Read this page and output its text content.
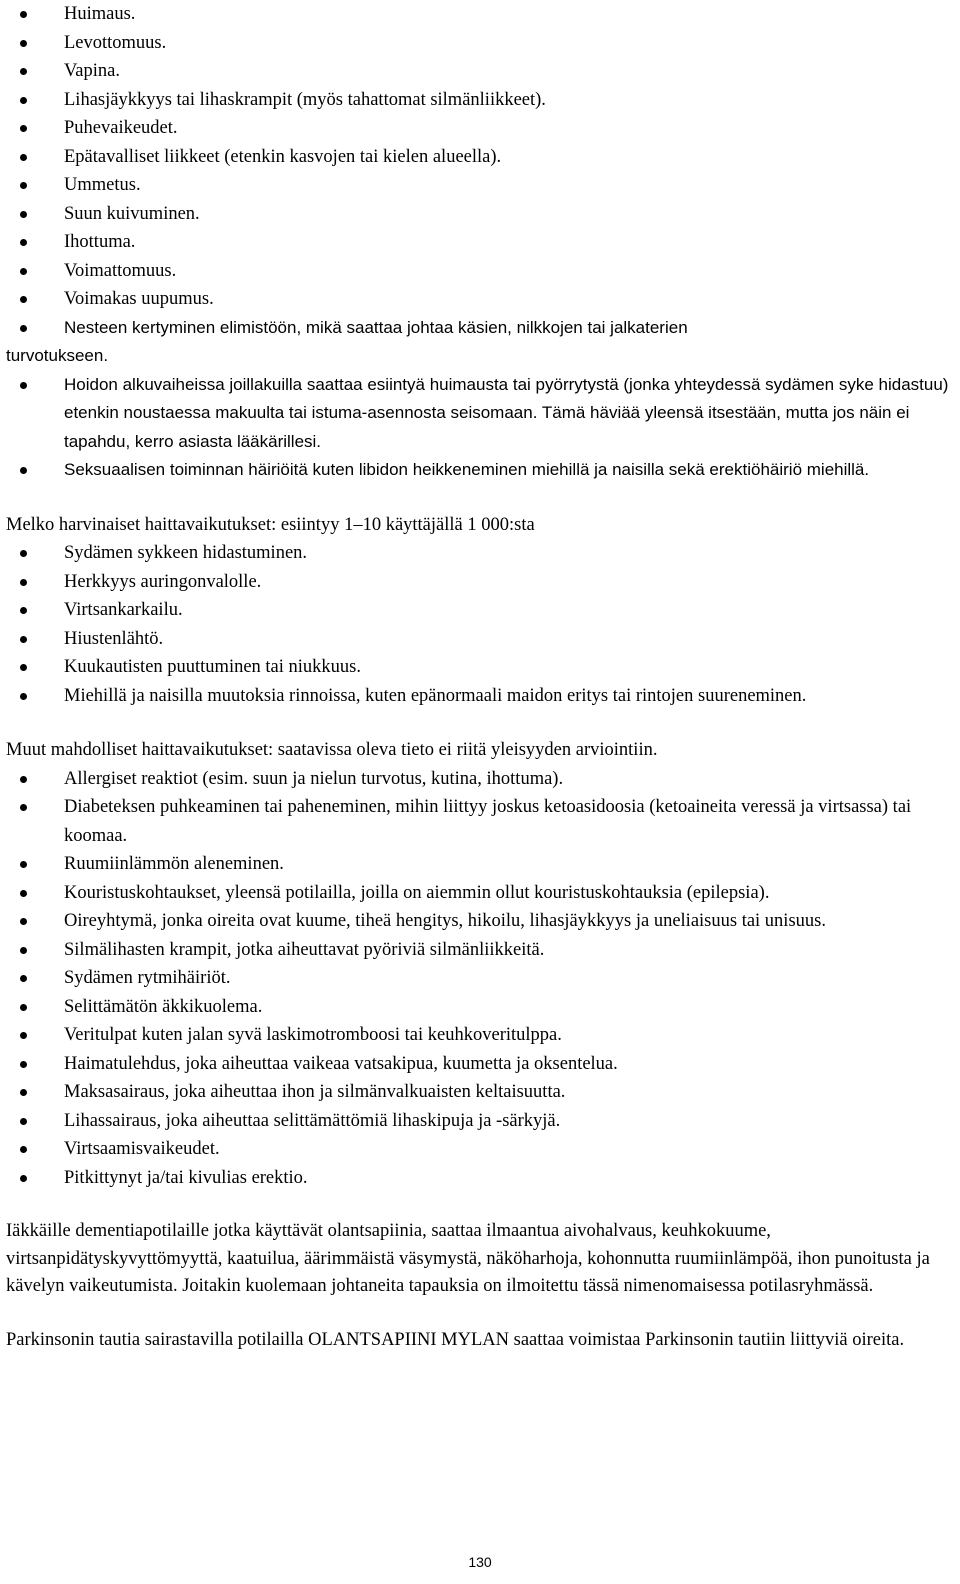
Huimaus.
Levottomuus.
Vapina.
Lihasjäykkyys tai lihaskrampit (myös tahattomat silmänliikkeet).
Puhevaikeudet.
Epätavalliset liikkeet (etenkin kasvojen tai kielen alueella).
Ummetus.
Suun kuivuminen.
Ihottuma.
Voimattomuus.
Voimakas uupumus.
Nesteen kertyminen elimistöön, mikä saattaa johtaa käsien, nilkkojen tai jalkaterien
turvotukseen.
Hoidon alkuvaiheissa joillakuilla saattaa esiintyä huimausta tai pyörrytystä (jonka yhteydessä sydämen syke hidastuu) etenkin noustaessa makuulta tai istuma-asennosta seisomaan. Tämä häviää yleensä itsestään, mutta jos näin ei tapahdu, kerro asiasta lääkärillesi.
Seksuaalisen toiminnan häiriöitä kuten libidon heikkeneminen miehillä ja naisilla sekä erektiöhäiriö miehillä.

Melko harvinaiset haittavaikutukset: esiintyy 1–10 käyttäjällä 1 000:sta

Sydämen sykkeen hidastuminen.
Herkkyys auringonvalolle.
Virtsankarkailu.
Hiustenlähtö.
Kuukautisten puuttuminen tai niukkuus.
Miehillä ja naisilla muutoksia rinnoissa, kuten epänormaali maidon eritys tai rintojen suureneminen.

Muut mahdolliset haittavaikutukset: saatavissa oleva tieto ei riitä yleisyyden arviointiin.

Allergiset reaktiot (esim. suun ja nielun turvotus, kutina, ihottuma).
Diabeteksen puhkeaminen tai paheneminen, mihin liittyy joskus ketoasidoosia (ketoaineita veressä ja virtsassa) tai koomaa.
Ruumiinlämmön aleneminen.
Kouristuskohtaukset, yleensä potilailla, joilla on aiemmin ollut kouristuskohtauksia (epilepsia).
Oireyhtymä, jonka oireita ovat kuume, tiheä hengitys, hikoilu, lihasjäykkyys ja uneliaisuus tai unisuus.
Silmälihasten krampit, jotka aiheuttavat pyöriviä silmänliikkeitä.
Sydämen rytmihäiriöt.
Selittämätön äkkikuolema.
Veritulpat kuten jalan syvä laskimotromboosi tai keuhkoveritulppa.
Haimatulehdus, joka aiheuttaa vaikeaa vatsakipua, kuumetta ja oksentelua.
Maksasairaus, joka aiheuttaa ihon ja silmänvalkuaisten keltaisuutta.
Lihassairaus, joka aiheuttaa selittämättömiä lihaskipuja ja -särkyjä.
Virtsaamisvaikeudet.
Pitkittynyt ja/tai kivulias erektio.

Iäkkäille dementiapotilaille jotka käyttävät olantsapiinia, saattaa ilmaantua aivohalvaus, keuhkokuume, virtsanpidätyskyvyttömyyttä, kaatuilua, äärimmäistä väsymystä, näköharhoja, kohonnutta ruumiinlämpöä, ihon punoitusta ja kävelyn vaikeutumista. Joitakin kuolemaan johtaneita tapauksia on ilmoitettu tässä nimenomaisessa potilasryhmässä.

Parkinsonin tautia sairastavilla potilailla OLANTSAPIINI MYLAN saattaa voimistaa Parkinsonin tautiin liittyviä oireita.

130
